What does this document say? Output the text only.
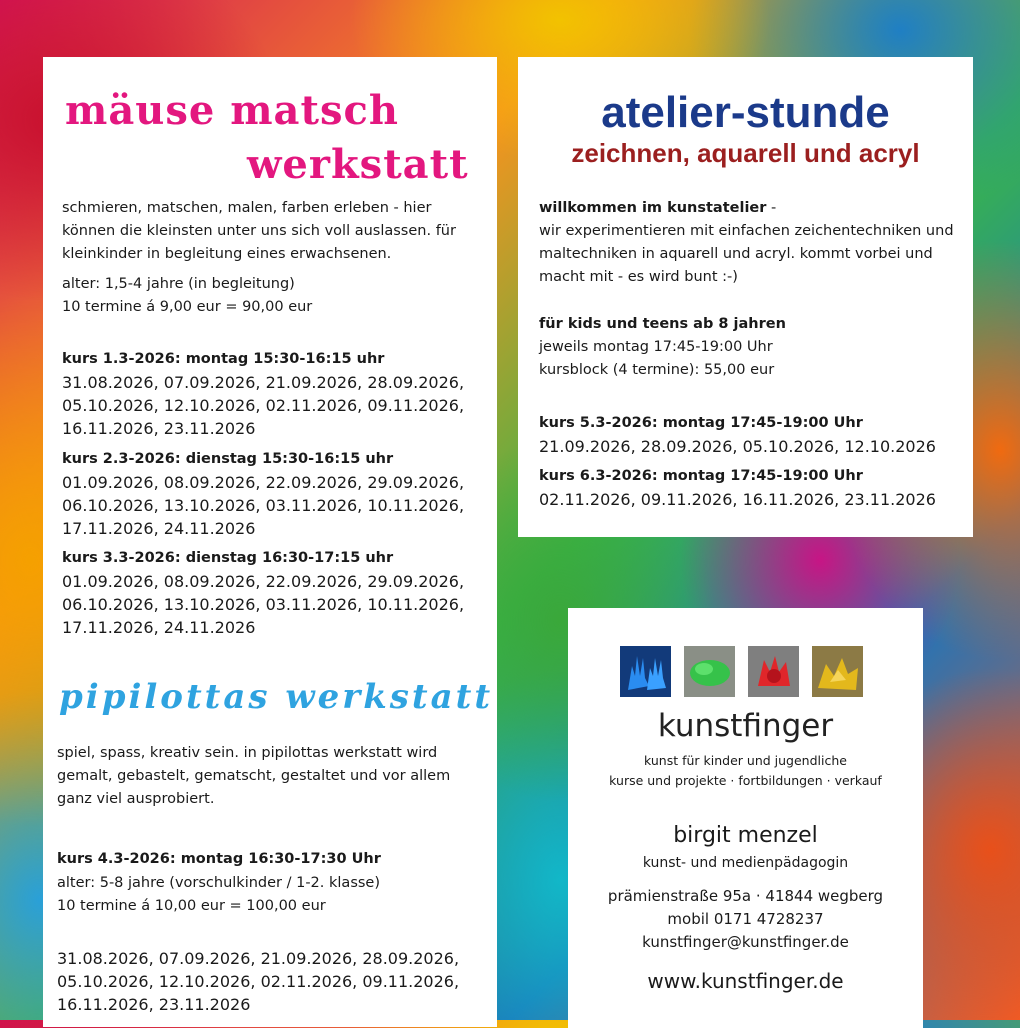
mäuse matsch
werkstatt
schmieren, matschen, malen, farben erleben - hier können die kleinsten unter uns sich voll auslassen. für kleinkinder in begleitung eines erwachsenen.
alter: 1,5-4 jahre (in begleitung)
10 termine á 9,00 eur = 90,00 eur
kurs 1.3-2026: montag 15:30-16:15 uhr
31.08.2026, 07.09.2026, 21.09.2026, 28.09.2026, 05.10.2026, 12.10.2026, 02.11.2026, 09.11.2026, 16.11.2026, 23.11.2026
kurs 2.3-2026: dienstag 15:30-16:15 uhr
01.09.2026, 08.09.2026, 22.09.2026, 29.09.2026, 06.10.2026, 13.10.2026, 03.11.2026, 10.11.2026, 17.11.2026, 24.11.2026
kurs 3.3-2026: dienstag 16:30-17:15 uhr
01.09.2026, 08.09.2026, 22.09.2026, 29.09.2026, 06.10.2026, 13.10.2026, 03.11.2026, 10.11.2026, 17.11.2026, 24.11.2026
pipilottas werkstatt
spiel, spass, kreativ sein. in pipilottas werkstatt wird gemalt, gebastelt, gematscht, gestaltet und vor allem ganz viel ausprobiert.
kurs 4.3-2026: montag 16:30-17:30 Uhr
alter: 5-8 jahre (vorschulkinder / 1-2. klasse)
10 termine á 10,00 eur = 100,00 eur
31.08.2026, 07.09.2026, 21.09.2026, 28.09.2026, 05.10.2026, 12.10.2026, 02.11.2026, 09.11.2026, 16.11.2026, 23.11.2026
atelier-stunde
zeichnen, aquarell und acryl
willkommen im kunstatelier -
wir experimentieren mit einfachen zeichentechniken und maltechniken in aquarell und acryl. kommt vorbei und macht mit - es wird bunt :-)
für kids und teens ab 8 jahren
jeweils montag 17:45-19:00 Uhr
kursblock (4 termine): 55,00 eur
kurs 5.3-2026: montag 17:45-19:00 Uhr
21.09.2026, 28.09.2026, 05.10.2026, 12.10.2026
kurs 6.3-2026: montag 17:45-19:00 Uhr
02.11.2026, 09.11.2026, 16.11.2026, 23.11.2026
kunstfinger
kunst für kinder und jugendliche
kurse und projekte · fortbildungen · verkauf
birgit menzel
kunst- und medienpädagogin
prämienstraße 95a · 41844 wegberg
mobil 0171 4728237
kunstfinger@kunstfinger.de
www.kunstfinger.de
